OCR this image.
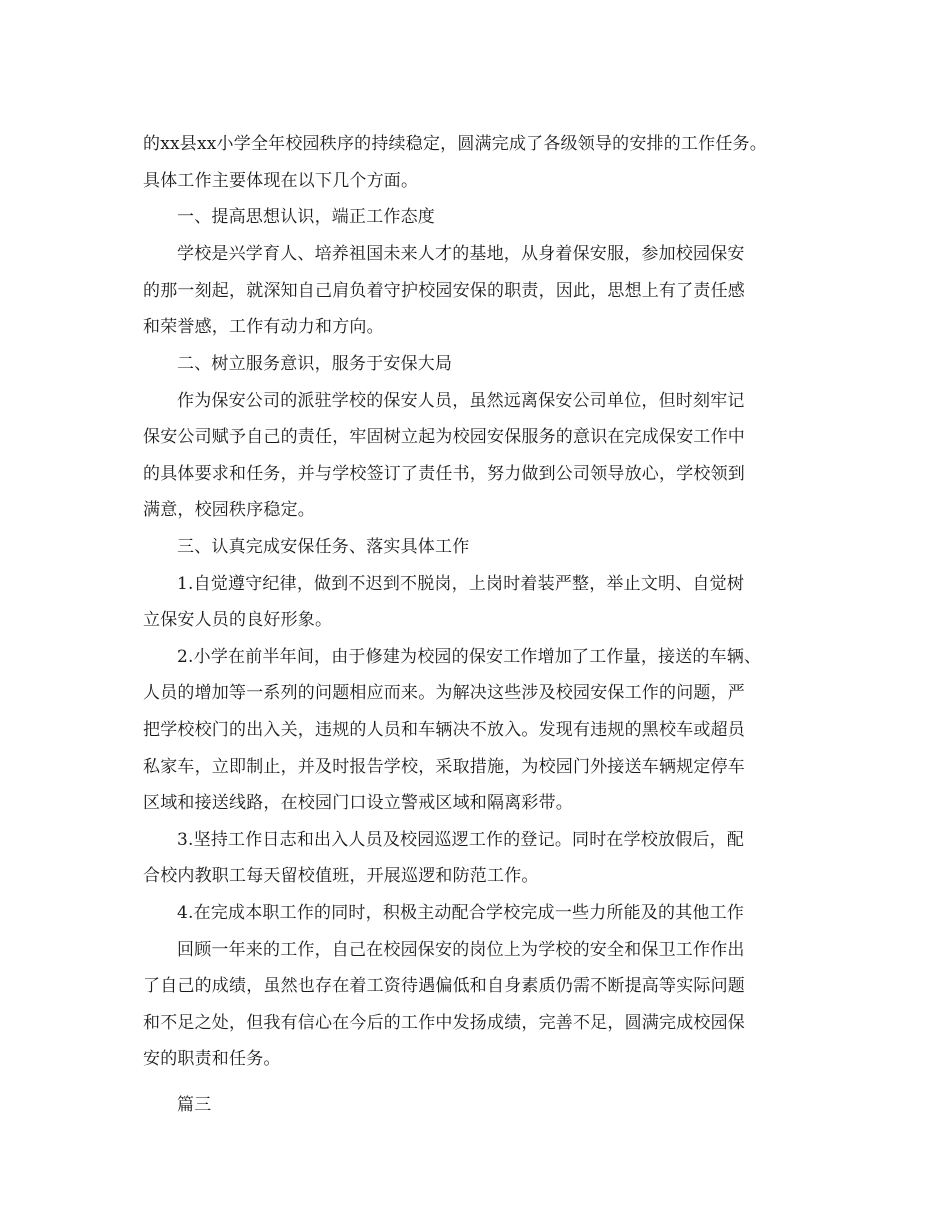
的xx县xx小学全年校园秩序的持续稳定，圆满完成了各级领导的安排的工作任务。
具体工作主要体现在以下几个方面。
一、提高思想认识，端正工作态度
学校是兴学育人、培养祖国未来人才的基地，从身着保安服，参加校园保安
的那一刻起，就深知自己肩负着守护校园安保的职责，因此，思想上有了责任感
和荣誉感，工作有动力和方向。
二、树立服务意识，服务于安保大局
作为保安公司的派驻学校的保安人员，虽然远离保安公司单位，但时刻牢记
保安公司赋予自己的责任，牢固树立起为校园安保服务的意识在完成保安工作中
的具体要求和任务，并与学校签订了责任书，努力做到公司领导放心，学校领到
满意，校园秩序稳定。
三、认真完成安保任务、落实具体工作
1.自觉遵守纪律，做到不迟到不脱岗，上岗时着装严整，举止文明、自觉树
立保安人员的良好形象。
2.小学在前半年间，由于修建为校园的保安工作增加了工作量，接送的车辆、
人员的增加等一系列的问题相应而来。为解决这些涉及校园安保工作的问题，严
把学校校门的出入关，违规的人员和车辆决不放入。发现有违规的黑校车或超员
私家车，立即制止，并及时报告学校，采取措施，为校园门外接送车辆规定停车
区域和接送线路，在校园门口设立警戒区域和隔离彩带。
3.坚持工作日志和出入人员及校园巡逻工作的登记。同时在学校放假后，配
合校内教职工每天留校值班，开展巡逻和防范工作。
4.在完成本职工作的同时，积极主动配合学校完成一些力所能及的其他工作
回顾一年来的工作，自己在校园保安的岗位上为学校的安全和保卫工作作出
了自己的成绩，虽然也存在着工资待遇偏低和自身素质仍需不断提高等实际问题
和不足之处，但我有信心在今后的工作中发扬成绩，完善不足，圆满完成校园保
安的职责和任务。
篇三
